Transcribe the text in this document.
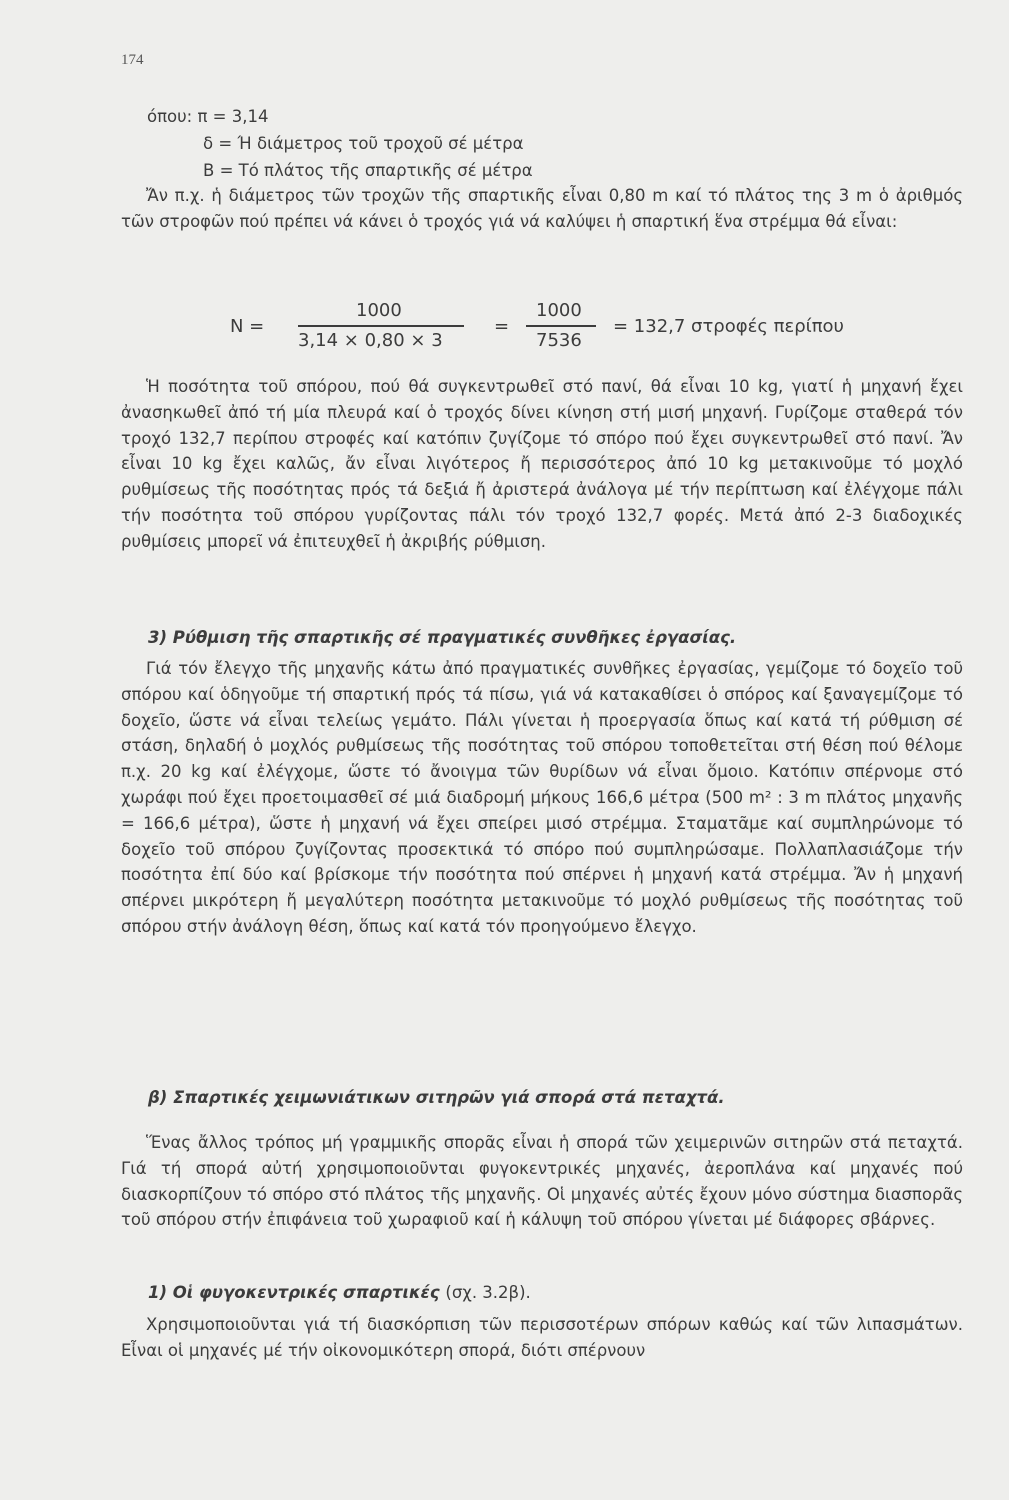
174
όπου: π = 3,14
δ = Ή διάμετρος τοῦ τροχοῦ σέ μέτρα
Β = Τό πλάτος τῆς σπαρτικῆς σέ μέτρα
Ἄν π.χ. ἡ διάμετρος τῶν τροχῶν τῆς σπαρτικῆς εἶναι 0,80 m καί τό πλάτος της 3 m ὁ ἀριθμός τῶν στροφῶν πού πρέπει νά κάνει ὁ τροχός γιά νά καλύψει ἡ σπαρτική ἕνα στρέμμα θά εἶναι:
N =
1000
3,14 × 0,80 × 3
=
1000
7536
= 132,7 στροφές περίπου
Ἡ ποσότητα τοῦ σπόρου, πού θά συγκεντρωθεῖ στό πανί, θά εἶναι 10 kg, γιατί ἡ μηχανή ἔχει ἀνασηκωθεῖ ἀπό τή μία πλευρά καί ὁ τροχός δίνει κίνηση στή μισή μηχανή. Γυρίζομε σταθερά τόν τροχό 132,7 περίπου στροφές καί κατόπιν ζυγίζομε τό σπόρο πού ἔχει συγκεντρωθεῖ στό πανί. Ἄν εἶναι 10 kg ἔχει καλῶς, ἄν εἶναι λιγότερος ἤ περισσότερος ἀπό 10 kg μετακινοῦμε τό μοχλό ρυθμίσεως τῆς ποσότητας πρός τά δεξιά ἤ ἀριστερά ἀνάλογα μέ τήν περίπτωση καί ἐλέγχομε πάλι τήν ποσότητα τοῦ σπόρου γυρίζοντας πάλι τόν τροχό 132,7 φορές. Μετά ἀπό 2-3 διαδοχικές ρυθμίσεις μπορεῖ νά ἐπιτευχθεῖ ἡ ἀκριβής ρύθμιση.
3) Ρύθμιση τῆς σπαρτικῆς σέ πραγματικές συνθῆκες ἐργασίας.
Γιά τόν ἔλεγχο τῆς μηχανῆς κάτω ἀπό πραγματικές συνθῆκες ἐργασίας, γεμίζομε τό δοχεῖο τοῦ σπόρου καί ὁδηγοῦμε τή σπαρτική πρός τά πίσω, γιά νά κατακαθίσει ὁ σπόρος καί ξαναγεμίζομε τό δοχεῖο, ὥστε νά εἶναι τελείως γεμάτο. Πάλι γίνεται ἡ προεργασία ὅπως καί κατά τή ρύθμιση σέ στάση, δηλαδή ὁ μοχλός ρυθμίσεως τῆς ποσότητας τοῦ σπόρου τοποθετεῖται στή θέση πού θέλομε π.χ. 20 kg καί ἐλέγχομε, ὥστε τό ἄνοιγμα τῶν θυρίδων νά εἶναι ὅμοιο. Κατόπιν σπέρνομε στό χωράφι πού ἔχει προετοιμασθεῖ σέ μιά διαδρομή μήκους 166,6 μέτρα (500 m² : 3 m πλάτος μηχανῆς = 166,6 μέτρα), ὥστε ἡ μηχανή νά ἔχει σπείρει μισό στρέμμα. Σταματᾶμε καί συμπληρώνομε τό δοχεῖο τοῦ σπόρου ζυγίζοντας προσεκτικά τό σπόρο πού συμπληρώσαμε. Πολλαπλασιάζομε τήν ποσότητα ἐπί δύο καί βρίσκομε τήν ποσότητα πού σπέρνει ἡ μηχανή κατά στρέμμα. Ἄν ἡ μηχανή σπέρνει μικρότερη ἤ μεγαλύτερη ποσότητα μετακινοῦμε τό μοχλό ρυθμίσεως τῆς ποσότητας τοῦ σπόρου στήν ἀνάλογη θέση, ὅπως καί κατά τόν προηγούμενο ἔλεγχο.
β) Σπαρτικές χειμωνιάτικων σιτηρῶν γιά σπορά στά πεταχτά.
Ἕνας ἄλλος τρόπος μή γραμμικῆς σπορᾶς εἶναι ἡ σπορά τῶν χειμερινῶν σιτηρῶν στά πεταχτά. Γιά τή σπορά αὐτή χρησιμοποιοῦνται φυγοκεντρικές μηχανές, ἀεροπλάνα καί μηχανές πού διασκορπίζουν τό σπόρο στό πλάτος τῆς μηχανῆς. Οἱ μηχανές αὐτές ἔχουν μόνο σύστημα διασπορᾶς τοῦ σπόρου στήν ἐπιφάνεια τοῦ χωραφιοῦ καί ἡ κάλυψη τοῦ σπόρου γίνεται μέ διάφορες σβάρνες.
1) Οἱ φυγοκεντρικές σπαρτικές (σχ. 3.2β).
Χρησιμοποιοῦνται γιά τή διασκόρπιση τῶν περισσοτέρων σπόρων καθώς καί τῶν λιπασμάτων. Εἶναι οἱ μηχανές μέ τήν οἰκονομικότερη σπορά, διότι σπέρνουν
